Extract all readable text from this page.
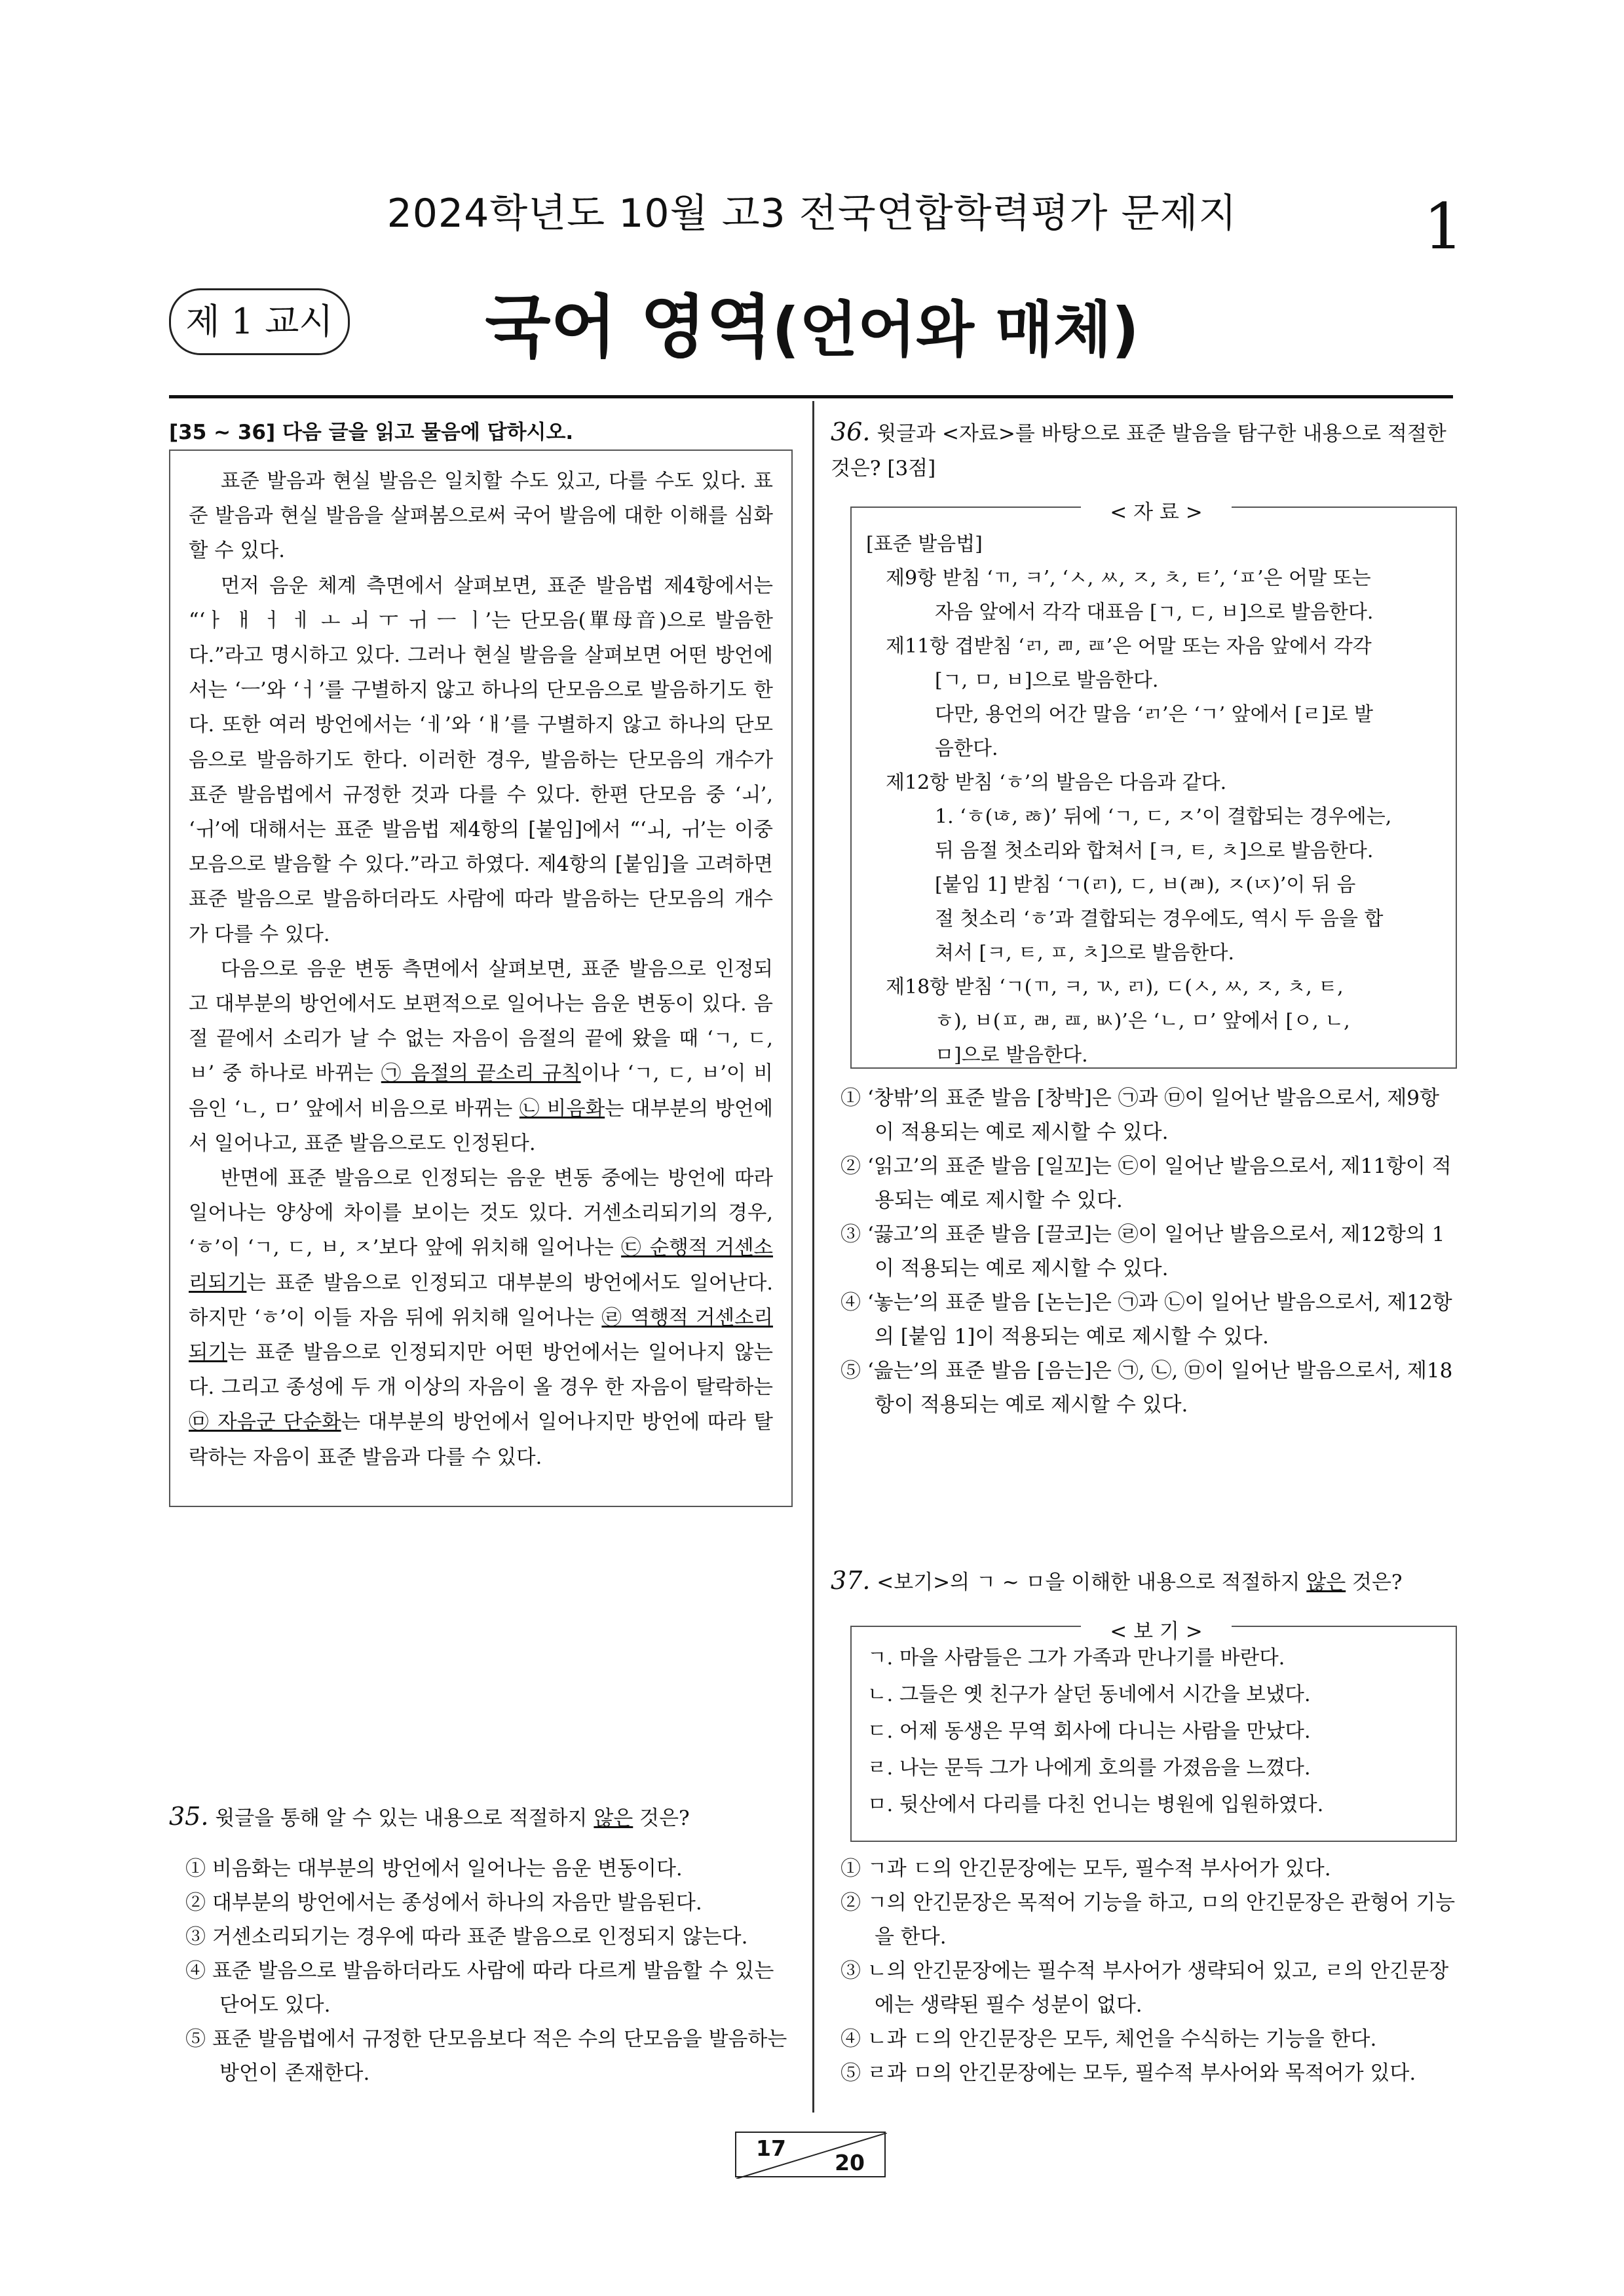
2024학년도 10월 고3 전국연합학력평가 문제지	1
제 1 교시	국어 영역(언어와 매체)
[35 ~ 36] 다음 글을 읽고 물음에 답하시오.

표준 발음과 현실 발음은 일치할 수도 있고, 다를 수도 있다. 표준 발음과 현실 발음을 살펴봄으로써 국어 발음에 대한 이해를 심화할 수 있다.

먼저 음운 체계 측면에서 살펴보면, 표준 발음법 제4항에서는 “‘ㅏ ㅐ ㅓ ㅔ ㅗ ㅚ ㅜ ㅟ ㅡ ㅣ’는 단모음(單母音)으로 발음한다.”라고 명시하고 있다. 그러나 현실 발음을 살펴보면 어떤 방언에서는 ‘ㅡ’와 ‘ㅓ’를 구별하지 않고 하나의 단모음으로 발음하기도 한다. 또한 여러 방언에서는 ‘ㅔ’와 ‘ㅐ’를 구별하지 않고 하나의 단모음으로 발음하기도 한다. 이러한 경우, 발음하는 단모음의 개수가 표준 발음법에서 규정한 것과 다를 수 있다. 한편 단모음 중 ‘ㅚ’, ‘ㅟ’에 대해서는 표준 발음법 제4항의 [붙임]에서 “‘ㅚ, ㅟ’는 이중 모음으로 발음할 수 있다.”라고 하였다. 제4항의 [붙임]을 고려하면 표준 발음으로 발음하더라도 사람에 따라 발음하는 단모음의 개수가 다를 수 있다.

다음으로 음운 변동 측면에서 살펴보면, 표준 발음으로 인정되고 대부분의 방언에서도 보편적으로 일어나는 음운 변동이 있다. 음절 끝에서 소리가 날 수 없는 자음이 음절의 끝에 왔을 때 ‘ㄱ, ㄷ, ㅂ’ 중 하나로 바뀌는 ㉠ 음절의 끝소리 규칙이나 ‘ㄱ, ㄷ, ㅂ’이 비음인 ‘ㄴ, ㅁ’ 앞에서 비음으로 바뀌는 ㉡ 비음화는 대부분의 방언에서 일어나고, 표준 발음으로도 인정된다.

반면에 표준 발음으로 인정되는 음운 변동 중에는 방언에 따라 일어나는 양상에 차이를 보이는 것도 있다. 거센소리되기의 경우, ‘ㅎ’이 ‘ㄱ, ㄷ, ㅂ, ㅈ’보다 앞에 위치해 일어나는 ㉢ 순행적 거센소리되기는 표준 발음으로 인정되고 대부분의 방언에서도 일어난다. 하지만 ‘ㅎ’이 이들 자음 뒤에 위치해 일어나는 ㉣ 역행적 거센소리되기는 표준 발음으로 인정되지만 어떤 방언에서는 일어나지 않는다. 그리고 종성에 두 개 이상의 자음이 올 경우 한 자음이 탈락하는 ㉤ 자음군 단순화는 대부분의 방언에서 일어나지만 방언에 따라 탈락하는 자음이 표준 발음과 다를 수 있다.

35. 윗글을 통해 알 수 있는 내용으로 적절하지 않은 것은?

① 비음화는 대부분의 방언에서 일어나는 음운 변동이다.

② 대부분의 방언에서는 종성에서 하나의 자음만 발음된다.

③ 거센소리되기는 경우에 따라 표준 발음으로 인정되지 않는다.

④ 표준 발음으로 발음하더라도 사람에 따라 다르게 발음할 수 있는 단어도 있다.

⑤ 표준 발음법에서 규정한 단모음보다 적은 수의 단모음을 발음하는 방언이 존재한다.

36. 윗글과 <자료>를 바탕으로 표준 발음을 탐구한 내용으로 적절한 것은? [3점]

[표준 발음법]

제9항 받침 ‘ㄲ, ㅋ’, ‘ㅅ, ㅆ, ㅈ, ㅊ, ㅌ’, ‘ㅍ’은 어말 또는

자음 앞에서 각각 대표음 [ㄱ, ㄷ, ㅂ]으로 발음한다.

제11항 겹받침 ‘ㄺ, ㄻ, ㄿ’은 어말 또는 자음 앞에서 각각

[ㄱ, ㅁ, ㅂ]으로 발음한다.

다만, 용언의 어간 말음 ‘ㄺ’은 ‘ㄱ’ 앞에서 [ㄹ]로 발

음한다.

제12항 받침 ‘ㅎ’의 발음은 다음과 같다.

1. ‘ㅎ(ㄶ, ㅀ)’ 뒤에 ‘ㄱ, ㄷ, ㅈ’이 결합되는 경우에는,

뒤 음절 첫소리와 합쳐서 [ㅋ, ㅌ, ㅊ]으로 발음한다.

[붙임 1] 받침 ‘ㄱ(ㄺ), ㄷ, ㅂ(ㄼ), ㅈ(ㄵ)’이 뒤 음

절 첫소리 ‘ㅎ’과 결합되는 경우에도, 역시 두 음을 합

쳐서 [ㅋ, ㅌ, ㅍ, ㅊ]으로 발음한다.

제18항 받침 ‘ㄱ(ㄲ, ㅋ, ㄳ, ㄺ), ㄷ(ㅅ, ㅆ, ㅈ, ㅊ, ㅌ,

ㅎ), ㅂ(ㅍ, ㄼ, ㄿ, ㅄ)’은 ‘ㄴ, ㅁ’ 앞에서 [ㅇ, ㄴ,

ㅁ]으로 발음한다.

< 자 료 >

① ‘창밖’의 표준 발음 [창박]은 ㉠과 ㉤이 일어난 발음으로서, 제9항이 적용되는 예로 제시할 수 있다.

② ‘읽고’의 표준 발음 [일꼬]는 ㉢이 일어난 발음으로서, 제11항이 적용되는 예로 제시할 수 있다.

③ ‘끓고’의 표준 발음 [끌코]는 ㉣이 일어난 발음으로서, 제12항의 1이 적용되는 예로 제시할 수 있다.

④ ‘놓는’의 표준 발음 [논는]은 ㉠과 ㉡이 일어난 발음으로서, 제12항의 [붙임 1]이 적용되는 예로 제시할 수 있다.

⑤ ‘읊는’의 표준 발음 [음는]은 ㉠, ㉡, ㉤이 일어난 발음으로서, 제18항이 적용되는 예로 제시할 수 있다.

37. <보기>의 ㄱ ~ ㅁ을 이해한 내용으로 적절하지 않은 것은?

ㄱ. 마을 사람들은 그가 가족과 만나기를 바란다.

ㄴ. 그들은 옛 친구가 살던 동네에서 시간을 보냈다.

ㄷ. 어제 동생은 무역 회사에 다니는 사람을 만났다.

ㄹ. 나는 문득 그가 나에게 호의를 가졌음을 느꼈다.

ㅁ. 뒷산에서 다리를 다친 언니는 병원에 입원하였다.

< 보 기 >

① ㄱ과 ㄷ의 안긴문장에는 모두, 필수적 부사어가 있다.

② ㄱ의 안긴문장은 목적어 기능을 하고, ㅁ의 안긴문장은 관형어 기능을 한다.

③ ㄴ의 안긴문장에는 필수적 부사어가 생략되어 있고, ㄹ의 안긴문장에는 생략된 필수 성분이 없다.

④ ㄴ과 ㄷ의 안긴문장은 모두, 체언을 수식하는 기능을 한다.

⑤ ㄹ과 ㅁ의 안긴문장에는 모두, 필수적 부사어와 목적어가 있다.

17
20
